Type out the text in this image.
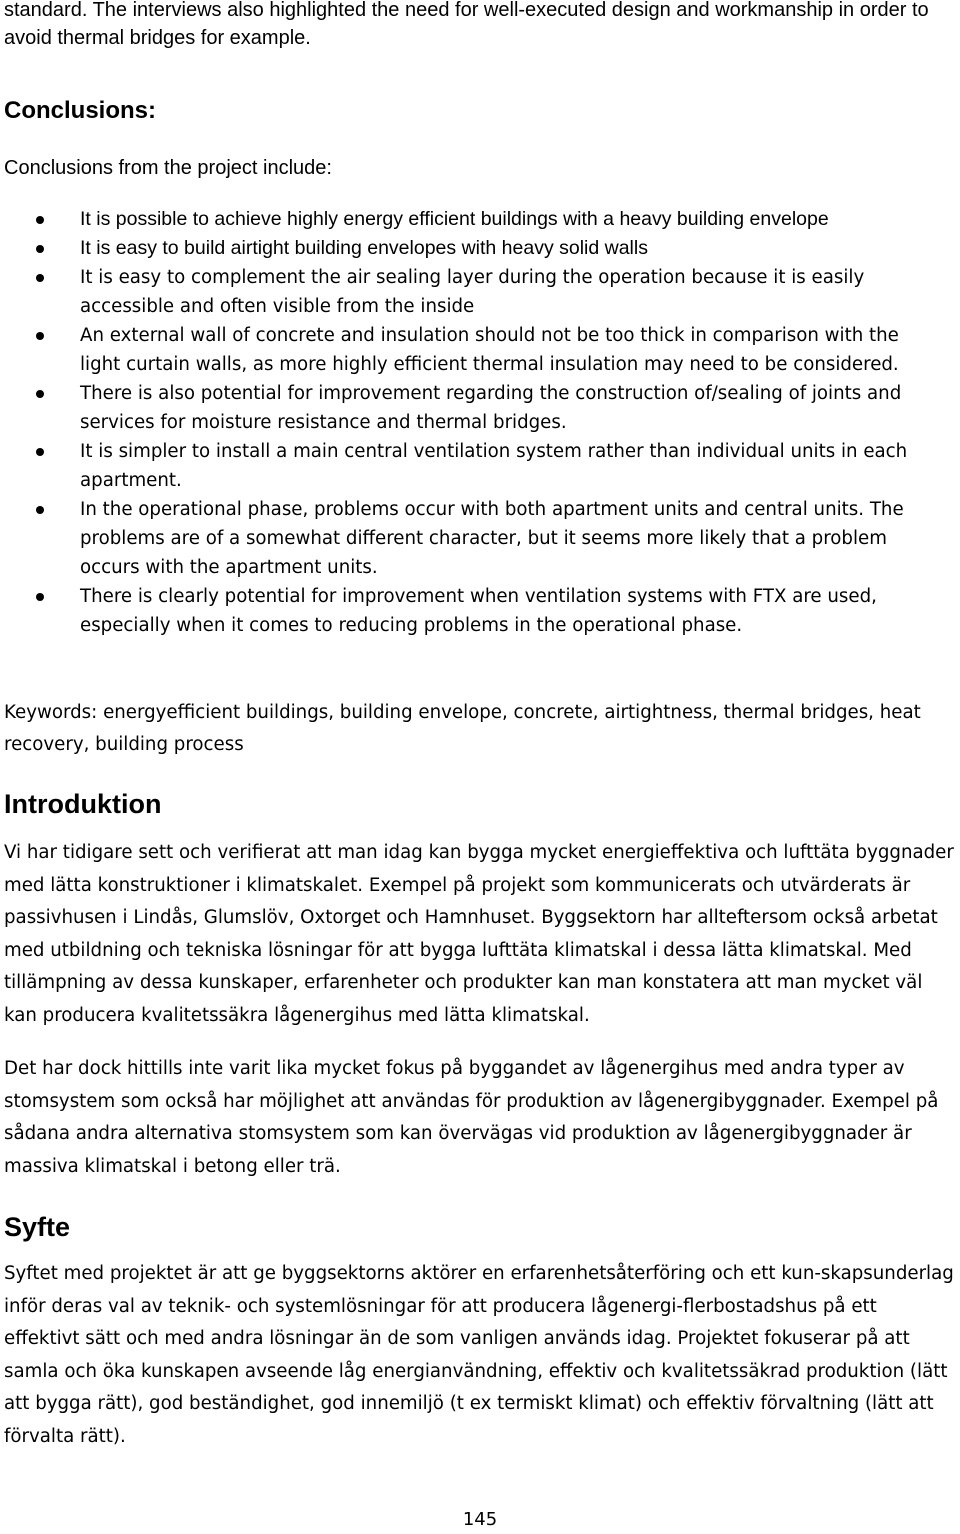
standard. The interviews also highlighted the need for well-executed design and workmanship in order to avoid thermal bridges for example.

Conclusions:

Conclusions from the project include:

It is possible to achieve highly energy efficient buildings with a heavy building envelope
It is easy to build airtight building envelopes with heavy solid walls
It is easy to complement the air sealing layer during the operation because it is easily accessible and often visible from the inside
An external wall of concrete and insulation should not be too thick in comparison with the light curtain walls, as more highly efficient thermal insulation may need to be considered.
There is also potential for improvement regarding the construction of/sealing of joints and services for moisture resistance and thermal bridges.
It is simpler to install a main central ventilation system rather than individual units in each apartment.
In the operational phase, problems occur with both apartment units and central units. The problems are of a somewhat different character, but it seems more likely that a problem occurs with the apartment units.
There is clearly potential for improvement when ventilation systems with FTX are used, especially when it comes to reducing problems in the operational phase.

Keywords: energyefficient buildings, building envelope, concrete, airtightness, thermal bridges, heat recovery, building process

Introduktion

Vi har tidigare sett och verifierat att man idag kan bygga mycket energieffektiva och lufttäta byggnader med lätta konstruktioner i klimatskalet. Exempel på projekt som kommunicerats och utvärderats är passivhusen i Lindås, Glumslöv, Oxtorget och Hamnhuset. Byggsektorn har allteftersom också arbetat med utbildning och tekniska lösningar för att bygga lufttäta klimatskal i dessa lätta klimatskal. Med tillämpning av dessa kunskaper, erfarenheter och produkter kan man konstatera att man mycket väl kan producera kvalitetssäkra lågenergihus med lätta klimatskal.

Det har dock hittills inte varit lika mycket fokus på byggandet av lågenergihus med andra typer av stomsystem som också har möjlighet att användas för produktion av lågenergibyggnader. Exempel på sådana andra alternativa stomsystem som kan övervägas vid produktion av lågenergibyggnader är massiva klimatskal i betong eller trä.

Syfte

Syftet med projektet är att ge byggsektorns aktörer en erfarenhetsåterföring och ett kun-skapsunderlag inför deras val av teknik- och systemlösningar för att producera lågenergi-flerbostadshus på ett effektivt sätt och med andra lösningar än de som vanligen används idag. Projektet fokuserar på att samla och öka kunskapen avseende låg energianvändning, effektiv och kvalitetssäkrad produktion (lätt att bygga rätt), god beständighet, god innemiljö (t ex termiskt klimat) och effektiv förvaltning (lätt att förvalta rätt).

145
